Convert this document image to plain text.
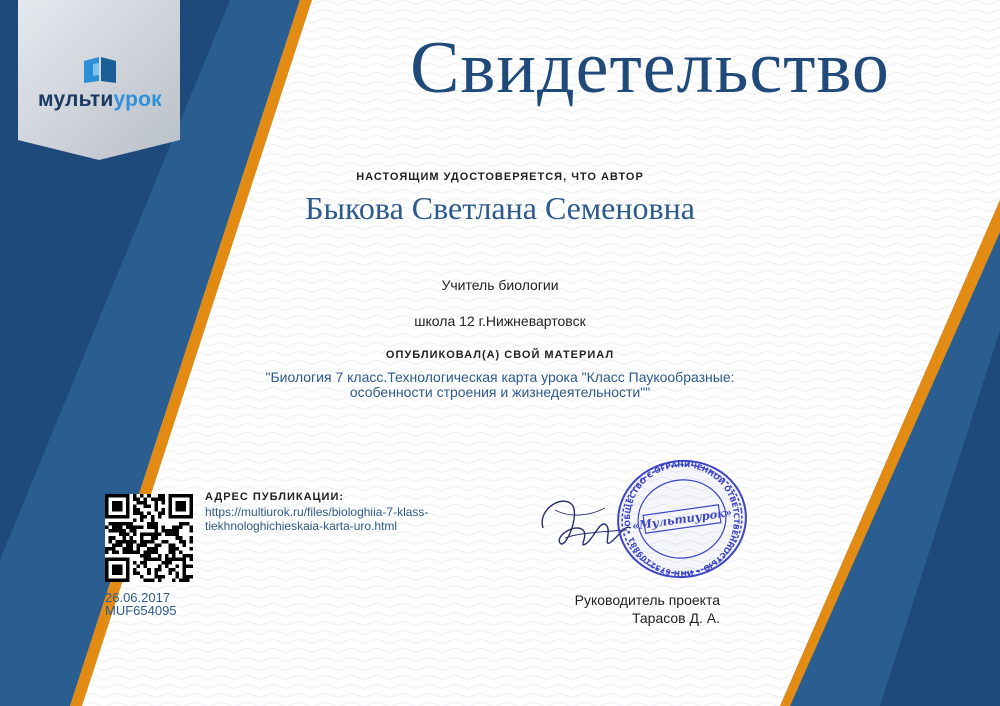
мультиурок	Свидетельство
НАСТОЯЩИМ УДОСТОВЕРЯЕТСЯ, ЧТО АВТОР
Быкова Светлана Семеновна
Учитель биологии
школа 12 г.Нижневартовск
ОПУБЛИКОВАЛ(А) СВОЙ МАТЕРИАЛ
"Биология 7 класс.Технологическая карта урока "Класс Паукообразные:
особенности строения и жизнедеятельности""
АДРЕС ПУБЛИКАЦИИ:
https://multiurok.ru/files/biologhiia-7-klass-
tiekhnologhichieskaia-karta-uro.html
26.06.2017
MUF654095
ОБЩЕСТВО С ОГРАНИЧЕННОЙ ОТВЕТСТВЕННОСТЬЮ • ИНН 6732109881 •
«Мультиурок»
Руководитель проекта
Тарасов Д. А.
